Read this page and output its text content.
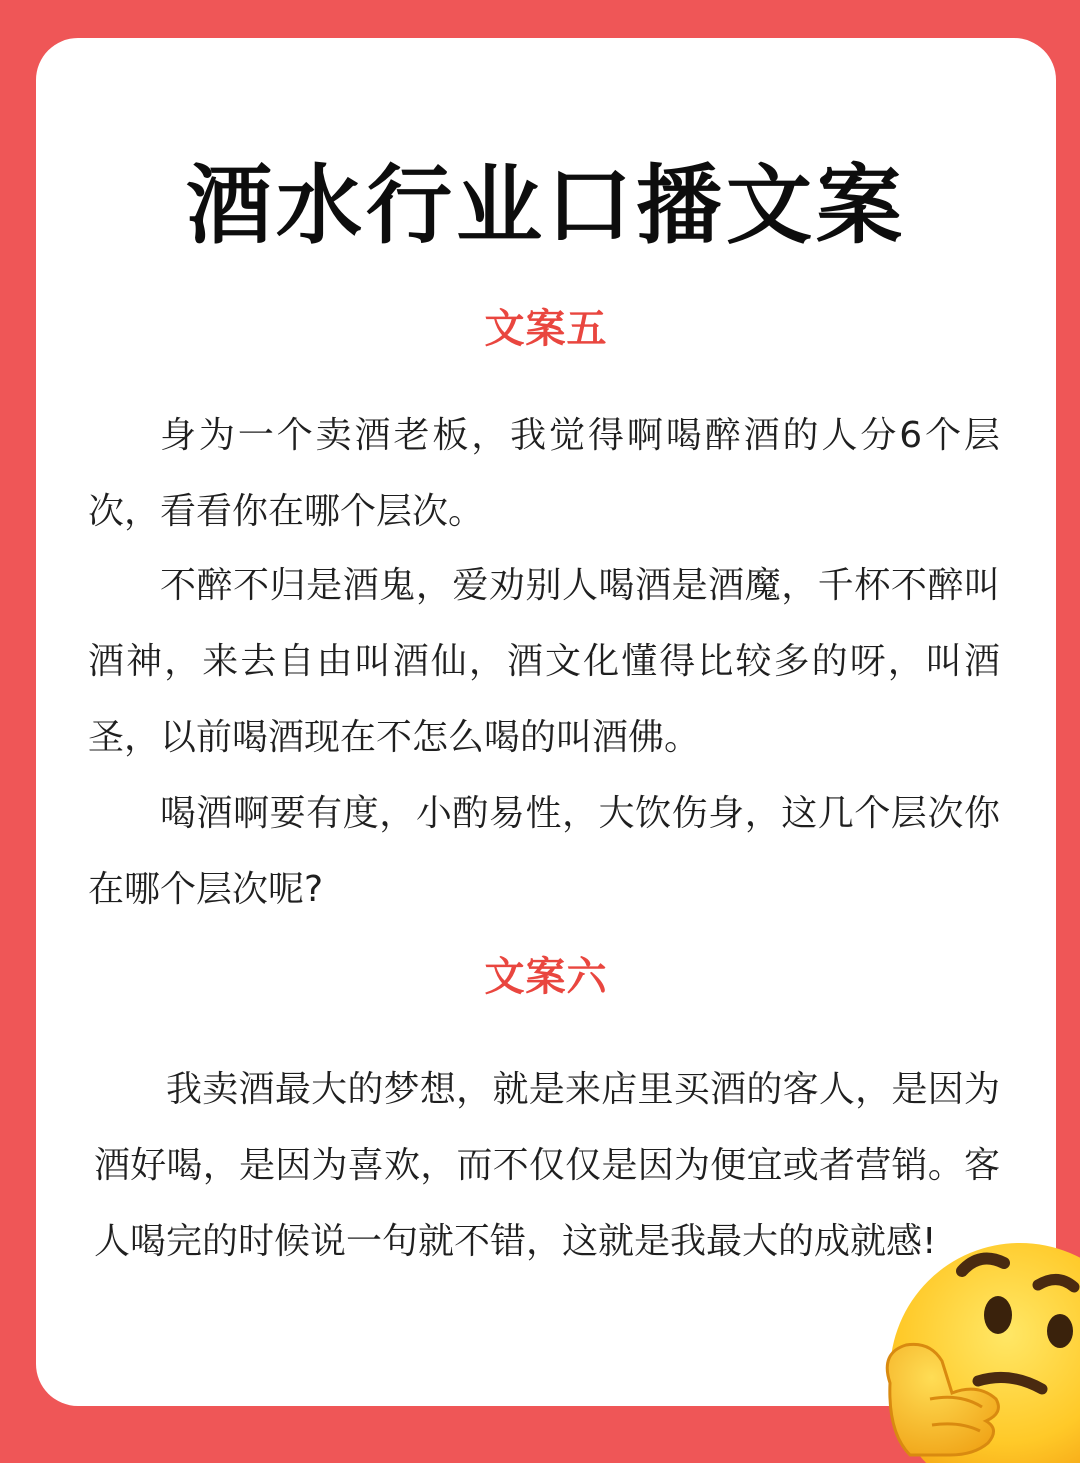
酒水行业口播文案
文案五

身为一个卖酒老板，我觉得啊喝醉酒的人分6个层次，看看你在哪个层次。

不醉不归是酒鬼，爱劝别人喝酒是酒魔，千杯不醉叫酒神，来去自由叫酒仙，酒文化懂得比较多的呀，叫酒圣，以前喝酒现在不怎么喝的叫酒佛。

喝酒啊要有度，小酌易性，大饮伤身，这几个层次你在哪个层次呢?

文案六

我卖酒最大的梦想，就是来店里买酒的客人，是因为酒好喝，是因为喜欢，而不仅仅是因为便宜或者营销。客人喝完的时候说一句就不错，这就是我最大的成就感!
